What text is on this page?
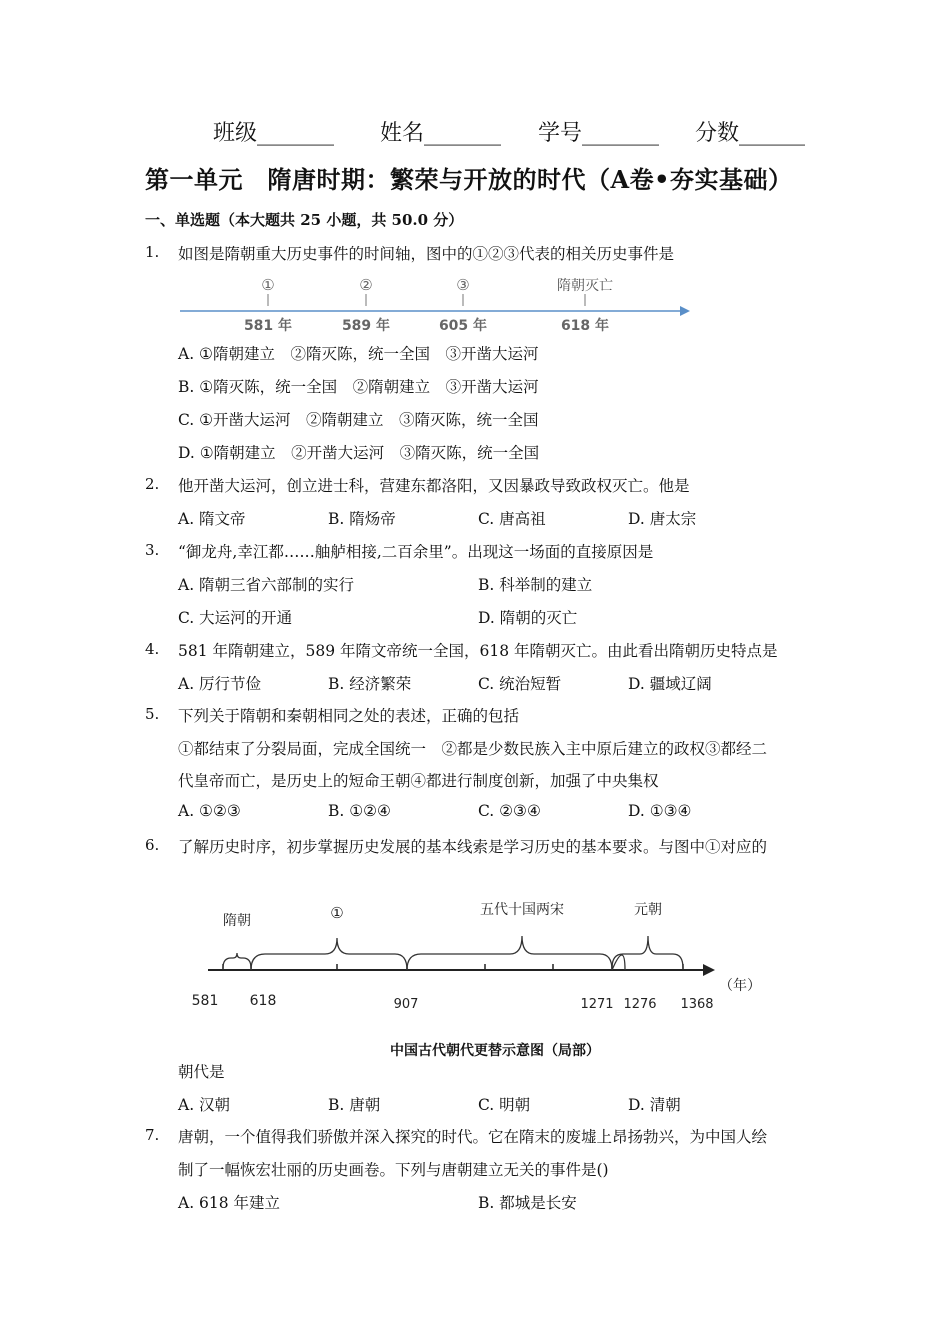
班级_______ 姓名_______ 学号_______ 分数______
第一单元　隋唐时期：繁荣与开放的时代（A卷•夯实基础）
一、单选题（本大题共 25 小题，共 50.0 分）
1. 如图是隋朝重大历史事件的时间轴，图中的①②③代表的相关历史事件是
①	②	③	隋朝灭亡
581 年	589 年	605 年	618 年
A. ①隋朝建立　②隋灭陈，统一全国　③开凿大运河
B. ①隋灭陈，统一全国　②隋朝建立　③开凿大运河
C. ①开凿大运河　②隋朝建立　③隋灭陈，统一全国
D. ①隋朝建立　②开凿大运河　③隋灭陈，统一全国
2. 他开凿大运河，创立进士科，营建东都洛阳，又因暴政导致政权灭亡。他是
A. 隋文帝	B. 隋炀帝	C. 唐高祖	D. 唐太宗
3. “御龙舟,幸江都‥‥‥舳舻相接,二百余里”。出现这一场面的直接原因是
A. 隋朝三省六部制的实行	B. 科举制的建立
C. 大运河的开通	D. 隋朝的灭亡
4. 581 年隋朝建立，589 年隋文帝统一全国，618 年隋朝灭亡。由此看出隋朝历史特点是
A. 厉行节俭	B. 经济繁荣	C. 统治短暂	D. 疆域辽阔
5. 下列关于隋朝和秦朝相同之处的表述，正确的包括
①都结束了分裂局面，完成全国统一　②都是少数民族入主中原后建立的政权③都经二
代皇帝而亡，是历史上的短命王朝④都进行制度创新，加强了中央集权
A. ①②③	B. ①②④	C. ②③④	D. ①③④
6. 了解历史时序，初步掌握历史发展的基本线索是学习历史的基本要求。与图中①对应的
隋朝	①	五代十国两宋	元朝
581 618	907	1271 1276 1368
（年）
中国古代朝代更替示意图（局部）
朝代是
A. 汉朝	B. 唐朝	C. 明朝	D. 清朝
7. 唐朝，一个值得我们骄傲并深入探究的时代。它在隋末的废墟上昂扬勃兴，为中国人绘
制了一幅恢宏壮丽的历史画卷。下列与唐朝建立无关的事件是()
A. 618 年建立	B. 都城是长安
